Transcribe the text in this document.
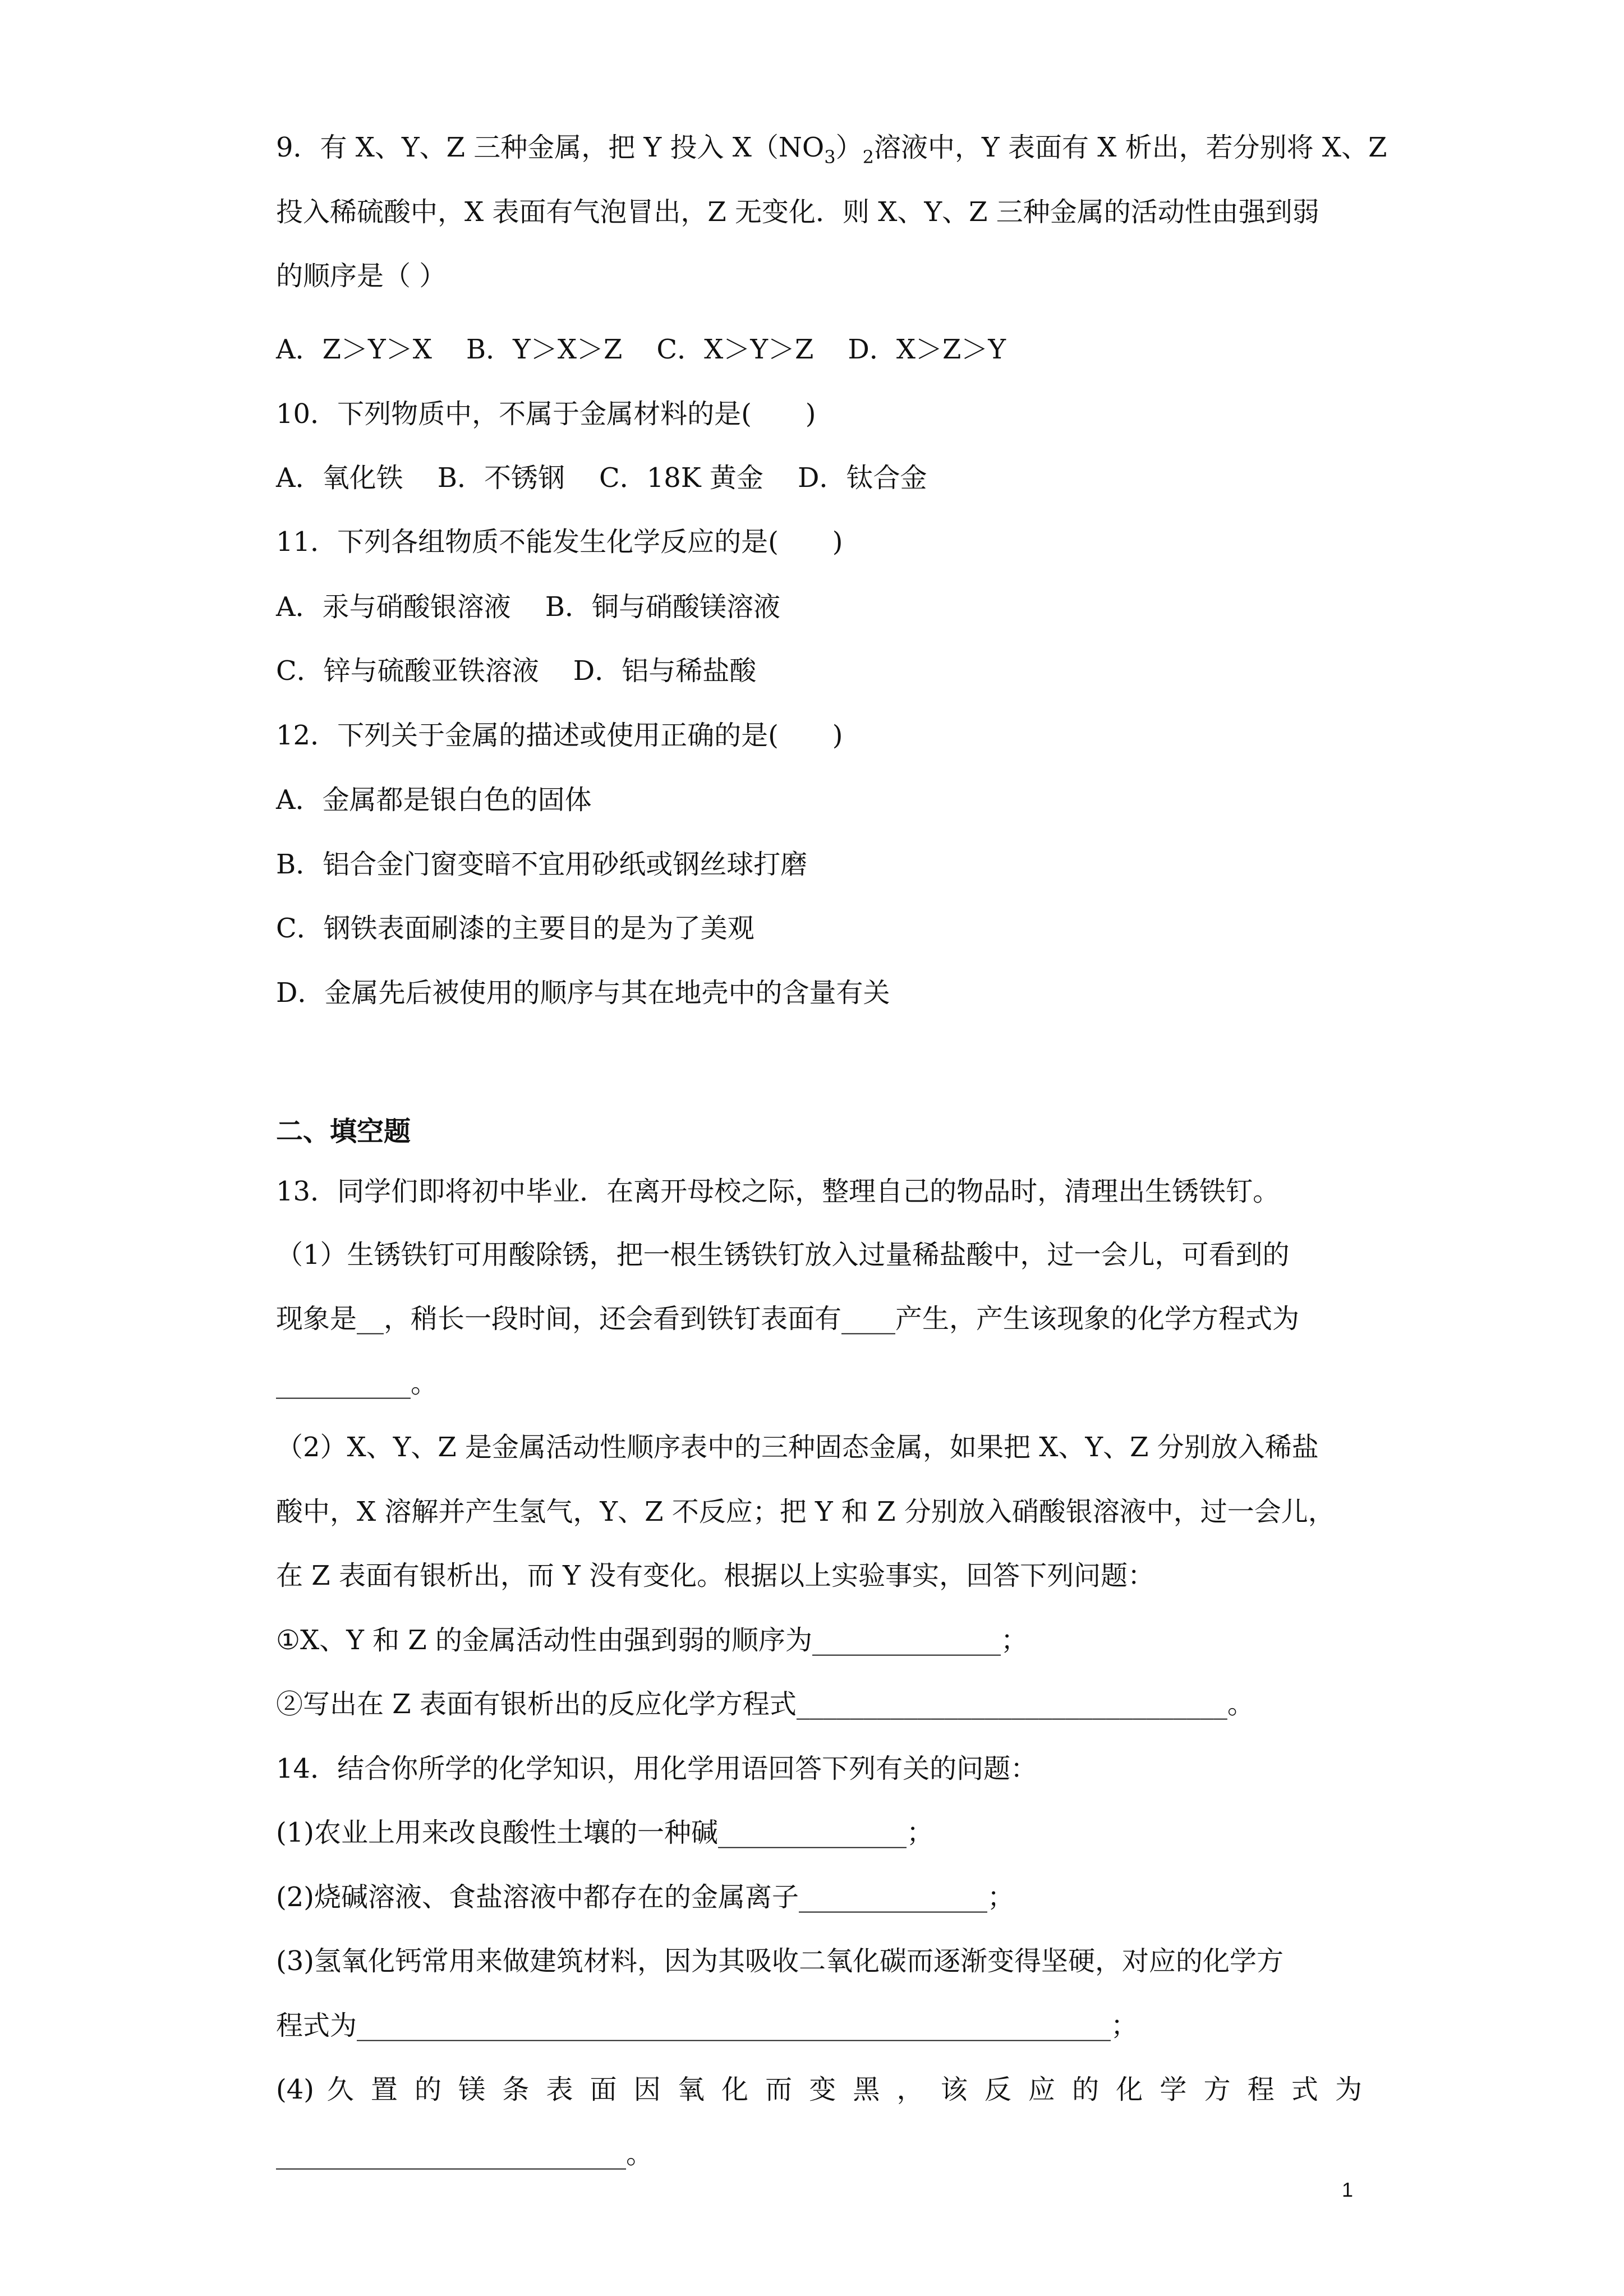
9．有 X、Y、Z 三种金属，把 Y 投入 $X(NO_3)_2$溶液中，Y 表面有 X 析出，若分别将 X、Z
投入稀硫酸中，X 表面有气泡冒出，Z 无变化．则 X、Y、Z 三种金属的活动性由强到弱
的顺序是（ ）
A．Z＞Y＞X    B．Y＞X＞Z    C．X＞Y＞Z    D．X＞Z＞Y
10．下列物质中，不属于金属材料的是(　　)
A．氧化铁    B．不锈钢    C．18K 黄金    D．钛合金
11．下列各组物质不能发生化学反应的是(　　)
A．汞与硝酸银溶液    B．铜与硝酸镁溶液
C．锌与硫酸亚铁溶液    D．铝与稀盐酸
12．下列关于金属的描述或使用正确的是(　　)
A．金属都是银白色的固体
B．铝合金门窗变暗不宜用砂纸或钢丝球打磨
C．钢铁表面刷漆的主要目的是为了美观
D．金属先后被使用的顺序与其在地壳中的含量有关
二、填空题
13．同学们即将初中毕业．在离开母校之际，整理自己的物品时，清理出生锈铁钉。
（1）生锈铁钉可用酸除锈，把一根生锈铁钉放入过量稀盐酸中，过一会儿，可看到的
现象是__，稍长一段时间，还会看到铁钉表面有____产生，产生该现象的化学方程式为
__________。
（2）X、Y、Z 是金属活动性顺序表中的三种固态金属，如果把 X、Y、Z 分别放入稀盐
酸中，X 溶解并产生氢气，Y、Z 不反应；把 Y 和 Z 分别放入硝酸银溶液中，过一会儿，
在 Z 表面有银析出，而 Y 没有变化。根据以上实验事实，回答下列问题：
①X、Y 和 Z 的金属活动性由强到弱的顺序为______________；
②写出在 Z 表面有银析出的反应化学方程式________________________________。
14．结合你所学的化学知识，用化学用语回答下列有关的问题：
(1)农业上用来改良酸性土壤的一种碱______________；
(2)烧碱溶液、食盐溶液中都存在的金属离子______________；
(3)氢氧化钙常用来做建筑材料，因为其吸收二氧化碳而逐渐变得坚硬，对应的化学方
程式为________________________________________________________；
(4) 久 置 的 镁 条 表 面 因 氧 化 而 变 黑 ， 该 反 应 的 化 学 方 程 式 为
__________________________。
1
